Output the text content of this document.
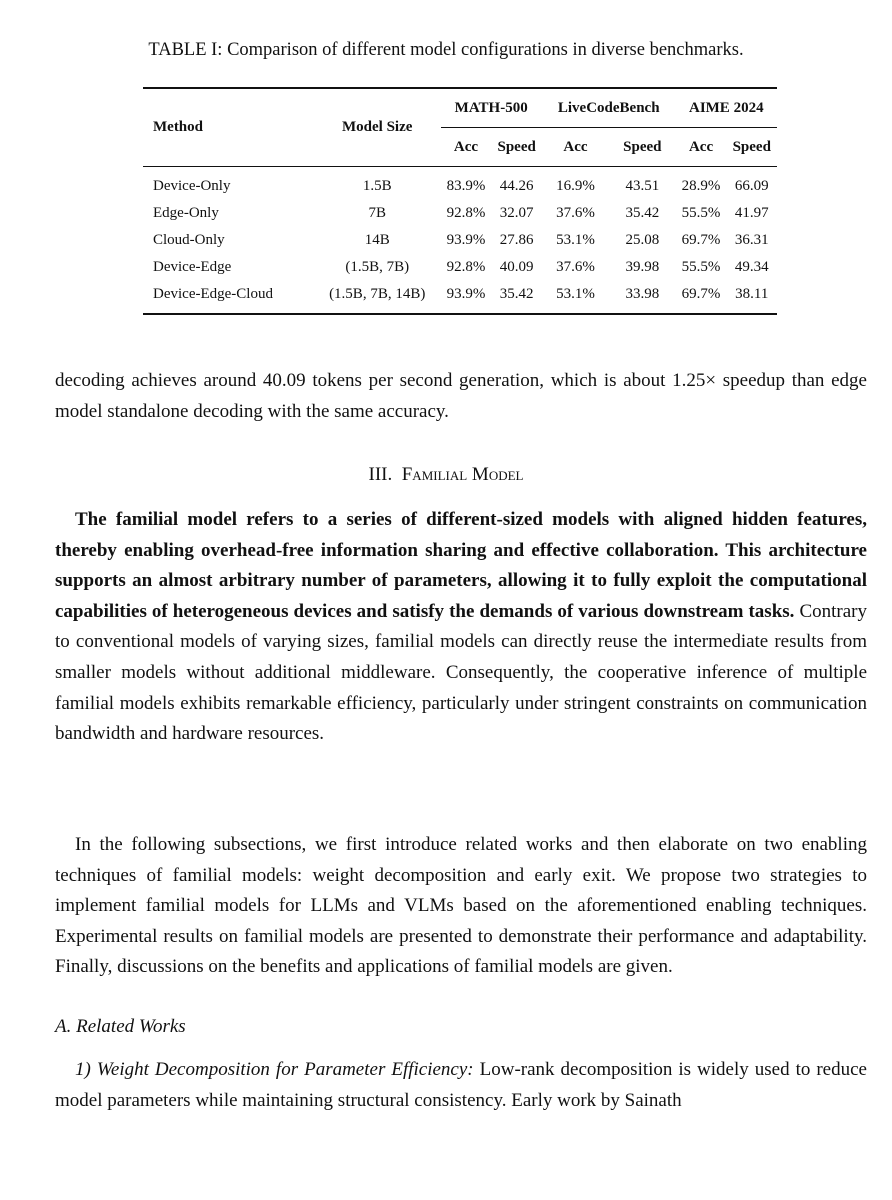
TABLE I: Comparison of different model configurations in diverse benchmarks.
Method	Model Size	MATH-500		LiveCodeBench		AIME 2024	
		Acc	Speed	Acc	Speed	Acc	Speed
Device-Only	1.5B	83.9%	44.26	16.9%	43.51	28.9%	66.09
Edge-Only	7B	92.8%	32.07	37.6%	35.42	55.5%	41.97
Cloud-Only	14B	93.9%	27.86	53.1%	25.08	69.7%	36.31
Device-Edge	(1.5B, 7B)	92.8%	40.09	37.6%	39.98	55.5%	49.34
Device-Edge-Cloud	(1.5B, 7B, 14B)	93.9%	35.42	53.1%	33.98	69.7%	38.11
decoding achieves around 40.09 tokens per second generation, which is about 1.25× speedup than edge model standalone decoding with the same accuracy.
III. Familial Model
The familial model refers to a series of different-sized models with aligned hidden features, thereby enabling overhead-free information sharing and effective collaboration. This architecture supports an almost arbitrary number of parameters, allowing it to fully exploit the computational capabilities of heterogeneous devices and satisfy the demands of various downstream tasks. Contrary to conventional models of varying sizes, familial models can directly reuse the intermediate results from smaller models without additional middleware. Consequently, the cooperative inference of multiple familial models exhibits remarkable efficiency, particularly under stringent constraints on communication bandwidth and hardware resources.
In the following subsections, we first introduce related works and then elaborate on two enabling techniques of familial models: weight decomposition and early exit. We propose two strategies to implement familial models for LLMs and VLMs based on the aforementioned enabling techniques. Experimental results on familial models are presented to demonstrate their performance and adaptability. Finally, discussions on the benefits and applications of familial models are given.
A. Related Works
1) Weight Decomposition for Parameter Efficiency: Low-rank decomposition is widely used to reduce model parameters while maintaining structural consistency. Early work by Sainath
